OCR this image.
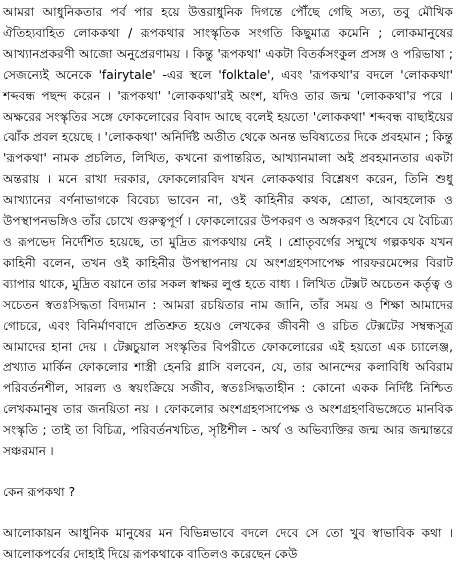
আমরা আধুনিকতার পর্ব পার হয়ে উত্তরাধুনিক দিগন্তে পৌঁছে গেছি সত্য, তবু মৌখিক ঐতিহ্যবাহিত লোককথা / রূপকথার সাংস্কৃতিক সংগতি কিছুমাত্র কমেনি ; লোকমানুষের আখ্যানপ্রকরণী আজো অনুপ্রেরণাময় । কিন্তু 'রূপকথা' একটা বিতর্কসংকুল প্রসঙ্গ ও পরিভাষা ; সেজন্যেই অনেকে 'fairytale' -এর স্থলে 'folktale', এবং 'রূপকথা'র বদলে 'লোককথা' শব্দবন্ধ পছন্দ করেন । 'রূপকথা' 'লোককথা'রই অংশ, যদিও তার জন্ম 'লোককথা'র পরে । অক্ষরের সংস্কৃতির সঙ্গে ফোকলোরের বিবাদ আছে বলেই হয়তো 'লোককথা' শব্দবন্ধ বাছাইয়ের ঝোঁক প্রবল হয়েছে । 'লোককথা' অনির্দিষ্ট অতীত থেকে অনন্ত ভবিষ্যতের দিকে প্রবহমান ; কিন্তু 'রূপকথা' নামক প্রচলিত, লিখিত, কখনো রূপান্তরিত, আখ্যানমালা অই প্রবহমানতার একটা অন্তরায় । মনে রাখা দরকার, ফোকলোরবিদ যখন লোককথার বিশ্লেষণ করেন, তিনি শুধু আখ্যানের বর্ণনাভাগকে বিবেচ্য ভাবেন না, ওই কাহিনীর কথক, শ্রোতা, আবহলোক ও উপস্থাপনভঙ্গিও তাঁর চোখে গুরুত্বপূর্ণ । ফোকলোরের উপকরণ ও অঙ্গকরণ হিশেবে যে বৈচিত্র্য ও রূপভেদ নির্দেশিত হয়েছে, তা মুদ্রিত রূপকথায় নেই । শ্রোতৃবর্গের সম্মুখে গল্পকথক যখন কাহিনী বলেন, তখন ওই কাহিনীর উপস্থাপনায় যে অংশগ্রহণসাপেক্ষ পারফরমেন্সের বিরাট ব্যাপার থাকে, মুদ্রিত বয়ানে তার সকল স্বাক্ষর লুপ্ত হতে বাধ্য । লিখিত টেক্সট অচেতন কর্তৃত্ব ও সচেতন স্বতঃসিদ্ধতা বিদ্যমান : আমরা রচয়িতার নাম জানি, তাঁর সময় ও শিক্ষা আমাদের গোচরে, এবং বিনির্মাণবাদে প্রতিশ্রুত হয়েও লেখকের জীবনী ও রচিত টেক্সটের সম্বন্ধসূত্র আমাদের হানা দেয় । টেক্সচুয়াল সংস্কৃতির বিপরীতে ফোকলোরের এই হয়তো এক চ্যালেঞ্জ, প্রখ্যাত মার্কিন ফোকলোর শাস্ত্রী হেনরি গ্লাসি বলবেন, যে, তার আনন্দের কলাবিধি অবিরাম পরিবর্তনশীল, সারল্য ও স্বয়ংক্রিয়ে সজীব, স্বতঃসিদ্ধতাহীন : কোনো একক নির্দিষ্ট নিশ্চিত লেখকমানুষ তার জনয়িতা নয় । ফোকলোর অংশগ্রহণসাপেক্ষ ও অংশগ্রহণবিভঙ্গেতে মানবিক সংস্কৃতি ; তাই তা বিচিত্র, পরিবর্তনখচিত, সৃষ্টিশীল - অর্থ ও অভিব্যক্তির জন্ম আর জন্মান্তরে সঞ্চরমান ।

কেন রূপকথা ?

আলোকায়ন আধুনিক মানুষের মন বিভিন্নভাবে বদলে দেবে সে তো খুব স্বাভাবিক কথা । আলোকপর্বের দোহাই দিয়ে রূপকথাকে বাতিলও করেছেন কেউ
